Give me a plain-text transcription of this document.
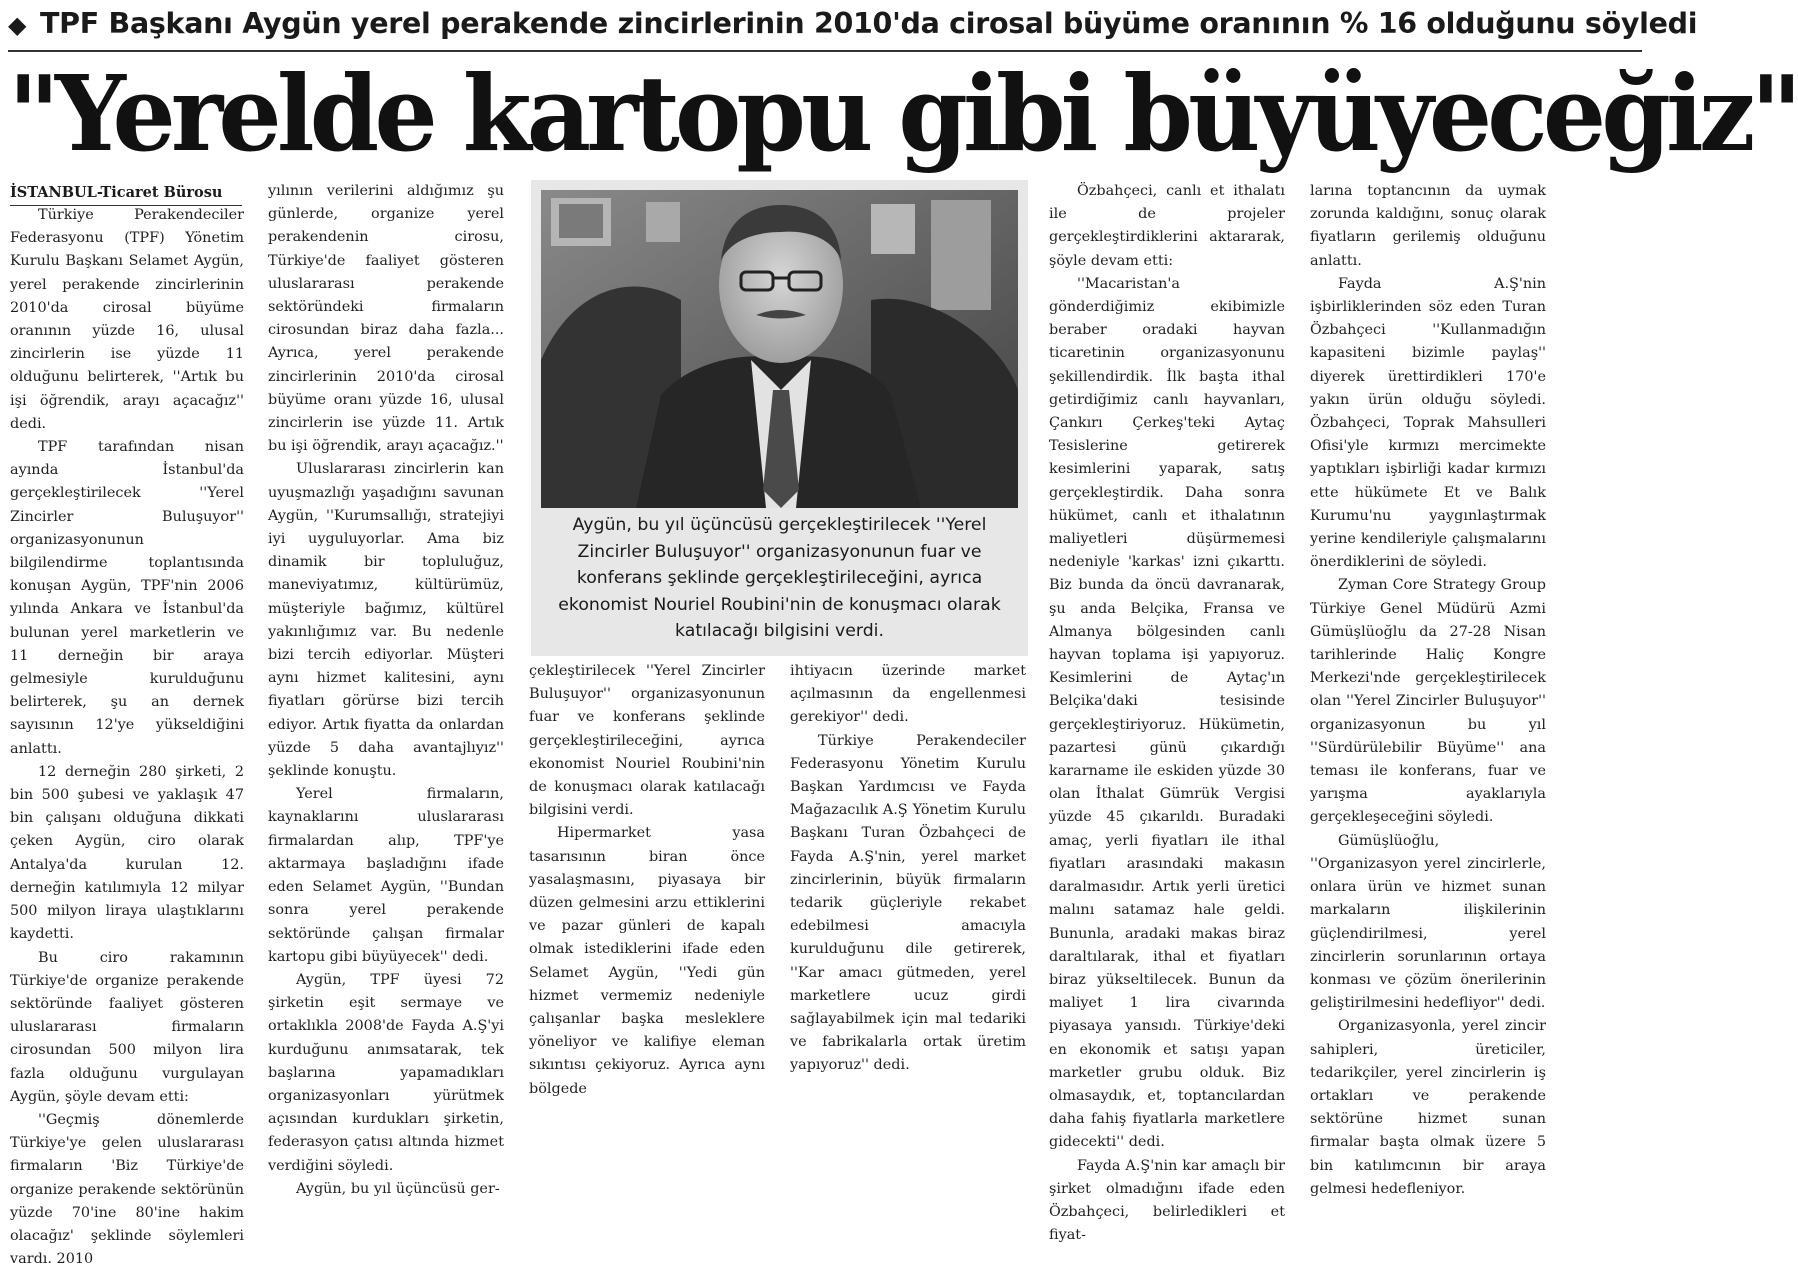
◆ TPF Başkanı Aygün yerel perakende zincirlerinin 2010'da cirosal büyüme oranının % 16 olduğunu söyledi
"Yerelde kartopu gibi büyüyeceğiz"
İSTANBUL-Ticaret Bürosu

Türkiye Perakendeciler Federasyonu (TPF) Yönetim Kurulu Başkanı Selamet Aygün, yerel perakende zincirlerinin 2010'da cirosal büyüme oranının yüzde 16, ulusal zincirlerin ise yüzde 11 olduğunu belirterek, ''Artık bu işi öğrendik, arayı açacağız'' dedi.

TPF tarafından nisan ayında İstanbul'da gerçekleştirilecek ''Yerel Zincirler Buluşuyor'' organizasyonunun bilgilendirme toplantısında konuşan Aygün, TPF'nin 2006 yılında Ankara ve İstanbul'da bulunan yerel marketlerin ve 11 derneğin bir araya gelmesiyle kurulduğunu belirterek, şu an dernek sayısının 12'ye yükseldiğini anlattı.

12 derneğin 280 şirketi, 2 bin 500 şubesi ve yaklaşık 47 bin çalışanı olduğuna dikkati çeken Aygün, ciro olarak Antalya'da kurulan 12. derneğin katılımıyla 12 milyar 500 milyon liraya ulaştıklarını kaydetti.

Bu ciro rakamının Türkiye'de organize perakende sektöründe faaliyet gösteren uluslararası firmaların cirosundan 500 milyon lira fazla olduğunu vurgulayan Aygün, şöyle devam etti:

''Geçmiş dönemlerde Türkiye'ye gelen uluslararası firmaların 'Biz Türkiye'de organize perakende sektörünün yüzde 70'ine 80'ine hakim olacağız' şeklinde söylemleri vardı. 2010

yılının verilerini aldığımız şu günlerde, organize yerel perakendenin cirosu, Türkiye'de faaliyet gösteren uluslararası perakende sektöründeki firmaların cirosundan biraz daha fazla... Ayrıca, yerel perakende zincirlerinin 2010'da cirosal büyüme oranı yüzde 16, ulusal zincirlerin ise yüzde 11. Artık bu işi öğrendik, arayı açacağız.''

Uluslararası zincirlerin kan uyuşmazlığı yaşadığını savunan Aygün, ''Kurumsallığı, stratejiyi iyi uyguluyorlar. Ama biz dinamik bir topluluğuz, maneviyatımız, kültürümüz, müşteriyle bağımız, kültürel yakınlığımız var. Bu nedenle bizi tercih ediyorlar. Müşteri aynı hizmet kalitesini, aynı fiyatları görürse bizi tercih ediyor. Artık fiyatta da onlardan yüzde 5 daha avantajlıyız'' şeklinde konuştu.

Yerel firmaların, kaynaklarını uluslararası firmalardan alıp, TPF'ye aktarmaya başladığını ifade eden Selamet Aygün, ''Bundan sonra yerel perakende sektöründe çalışan firmalar kartopu gibi büyüyecek'' dedi.

Aygün, TPF üyesi 72 şirketin eşit sermaye ve ortaklıkla 2008'de Fayda A.Ş'yi kurduğunu anımsatarak, tek başlarına yapamadıkları organizasyonları yürütmek açısından kurdukları şirketin, federasyon çatısı altında hizmet verdiğini söyledi.

Aygün, bu yıl üçüncüsü ger-

Aygün, bu yıl üçüncüsü gerçekleştirilecek ''Yerel Zincirler Buluşuyor'' organizasyonunun fuar ve konferans şeklinde gerçekleştirileceğini, ayrıca ekonomist Nouriel Roubini'nin de konuşmacı olarak katılacağı bilgisini verdi.

çekleştirilecek ''Yerel Zincirler Buluşuyor'' organizasyonunun fuar ve konferans şeklinde gerçekleştirileceğini, ayrıca ekonomist Nouriel Roubini'nin de konuşmacı olarak katılacağı bilgisini verdi.

Hipermarket yasa tasarısının biran önce yasalaşmasını, piyasaya bir düzen gelmesini arzu ettiklerini ve pazar günleri de kapalı olmak istediklerini ifade eden Selamet Aygün, ''Yedi gün hizmet vermemiz nedeniyle çalışanlar başka mesleklere yöneliyor ve kalifiye eleman sıkıntısı çekiyoruz. Ayrıca aynı bölgede

ihtiyacın üzerinde market açılmasının da engellenmesi gerekiyor'' dedi.

Türkiye Perakendeciler Federasyonu Yönetim Kurulu Başkan Yardımcısı ve Fayda Mağazacılık A.Ş Yönetim Kurulu Başkanı Turan Özbahçeci de Fayda A.Ş'nin, yerel market zincirlerinin, büyük firmaların tedarik güçleriyle rekabet edebilmesi amacıyla kurulduğunu dile getirerek, ''Kar amacı gütmeden, yerel marketlere ucuz girdi sağlayabilmek için mal tedariki ve fabrikalarla ortak üretim yapıyoruz'' dedi.

Özbahçeci, canlı et ithalatı ile de projeler gerçekleştirdiklerini aktararak, şöyle devam etti:

''Macaristan'a gönderdiğimiz ekibimizle beraber oradaki hayvan ticaretinin organizasyonunu şekillendirdik. İlk başta ithal getirdiğimiz canlı hayvanları, Çankırı Çerkeş'teki Aytaç Tesislerine getirerek kesimlerini yaparak, satış gerçekleştirdik. Daha sonra hükümet, canlı et ithalatının maliyetleri düşürmemesi nedeniyle 'karkas' izni çıkarttı. Biz bunda da öncü davranarak, şu anda Belçika, Fransa ve Almanya bölgesinden canlı hayvan toplama işi yapıyoruz. Kesimlerini de Aytaç'ın Belçika'daki tesisinde gerçekleştiriyoruz. Hükümetin, pazartesi günü çıkardığı kararname ile eskiden yüzde 30 olan İthalat Gümrük Vergisi yüzde 45 çıkarıldı. Buradaki amaç, yerli fiyatları ile ithal fiyatları arasındaki makasın daralmasıdır. Artık yerli üretici malını satamaz hale geldi. Bununla, aradaki makas biraz daraltılarak, ithal et fiyatları biraz yükseltilecek. Bunun da maliyet 1 lira civarında piyasaya yansıdı. Türkiye'deki en ekonomik et satışı yapan marketler grubu olduk. Biz olmasaydık, et, toptancılardan daha fahiş fiyatlarla marketlere gidecekti'' dedi.

Fayda A.Ş'nin kar amaçlı bir şirket olmadığını ifade eden Özbahçeci, belirledikleri et fiyat-

larına toptancının da uymak zorunda kaldığını, sonuç olarak fiyatların gerilemiş olduğunu anlattı.

Fayda A.Ş'nin işbirliklerinden söz eden Turan Özbahçeci ''Kullanmadığın kapasiteni bizimle paylaş'' diyerek ürettirdikleri 170'e yakın ürün olduğu söyledi. Özbahçeci, Toprak Mahsulleri Ofisi'yle kırmızı mercimekte yaptıkları işbirliği kadar kırmızı ette hükümete Et ve Balık Kurumu'nu yaygınlaştırmak yerine kendileriyle çalışmalarını önerdiklerini de söyledi.

Zyman Core Strategy Group Türkiye Genel Müdürü Azmi Gümüşlüoğlu da 27-28 Nisan tarihlerinde Haliç Kongre Merkezi'nde gerçekleştirilecek olan ''Yerel Zincirler Buluşuyor'' organizasyonun bu yıl ''Sürdürülebilir Büyüme'' ana teması ile konferans, fuar ve yarışma ayaklarıyla gerçekleşeceğini söyledi.

Gümüşlüoğlu, ''Organizasyon yerel zincirlerle, onlara ürün ve hizmet sunan markaların ilişkilerinin güçlendirilmesi, yerel zincirlerin sorunlarının ortaya konması ve çözüm önerilerinin geliştirilmesini hedefliyor'' dedi.

Organizasyonla, yerel zincir sahipleri, üreticiler, tedarikçiler, yerel zincirlerin iş ortakları ve perakende sektörüne hizmet sunan firmalar başta olmak üzere 5 bin katılımcının bir araya gelmesi hedefleniyor.
